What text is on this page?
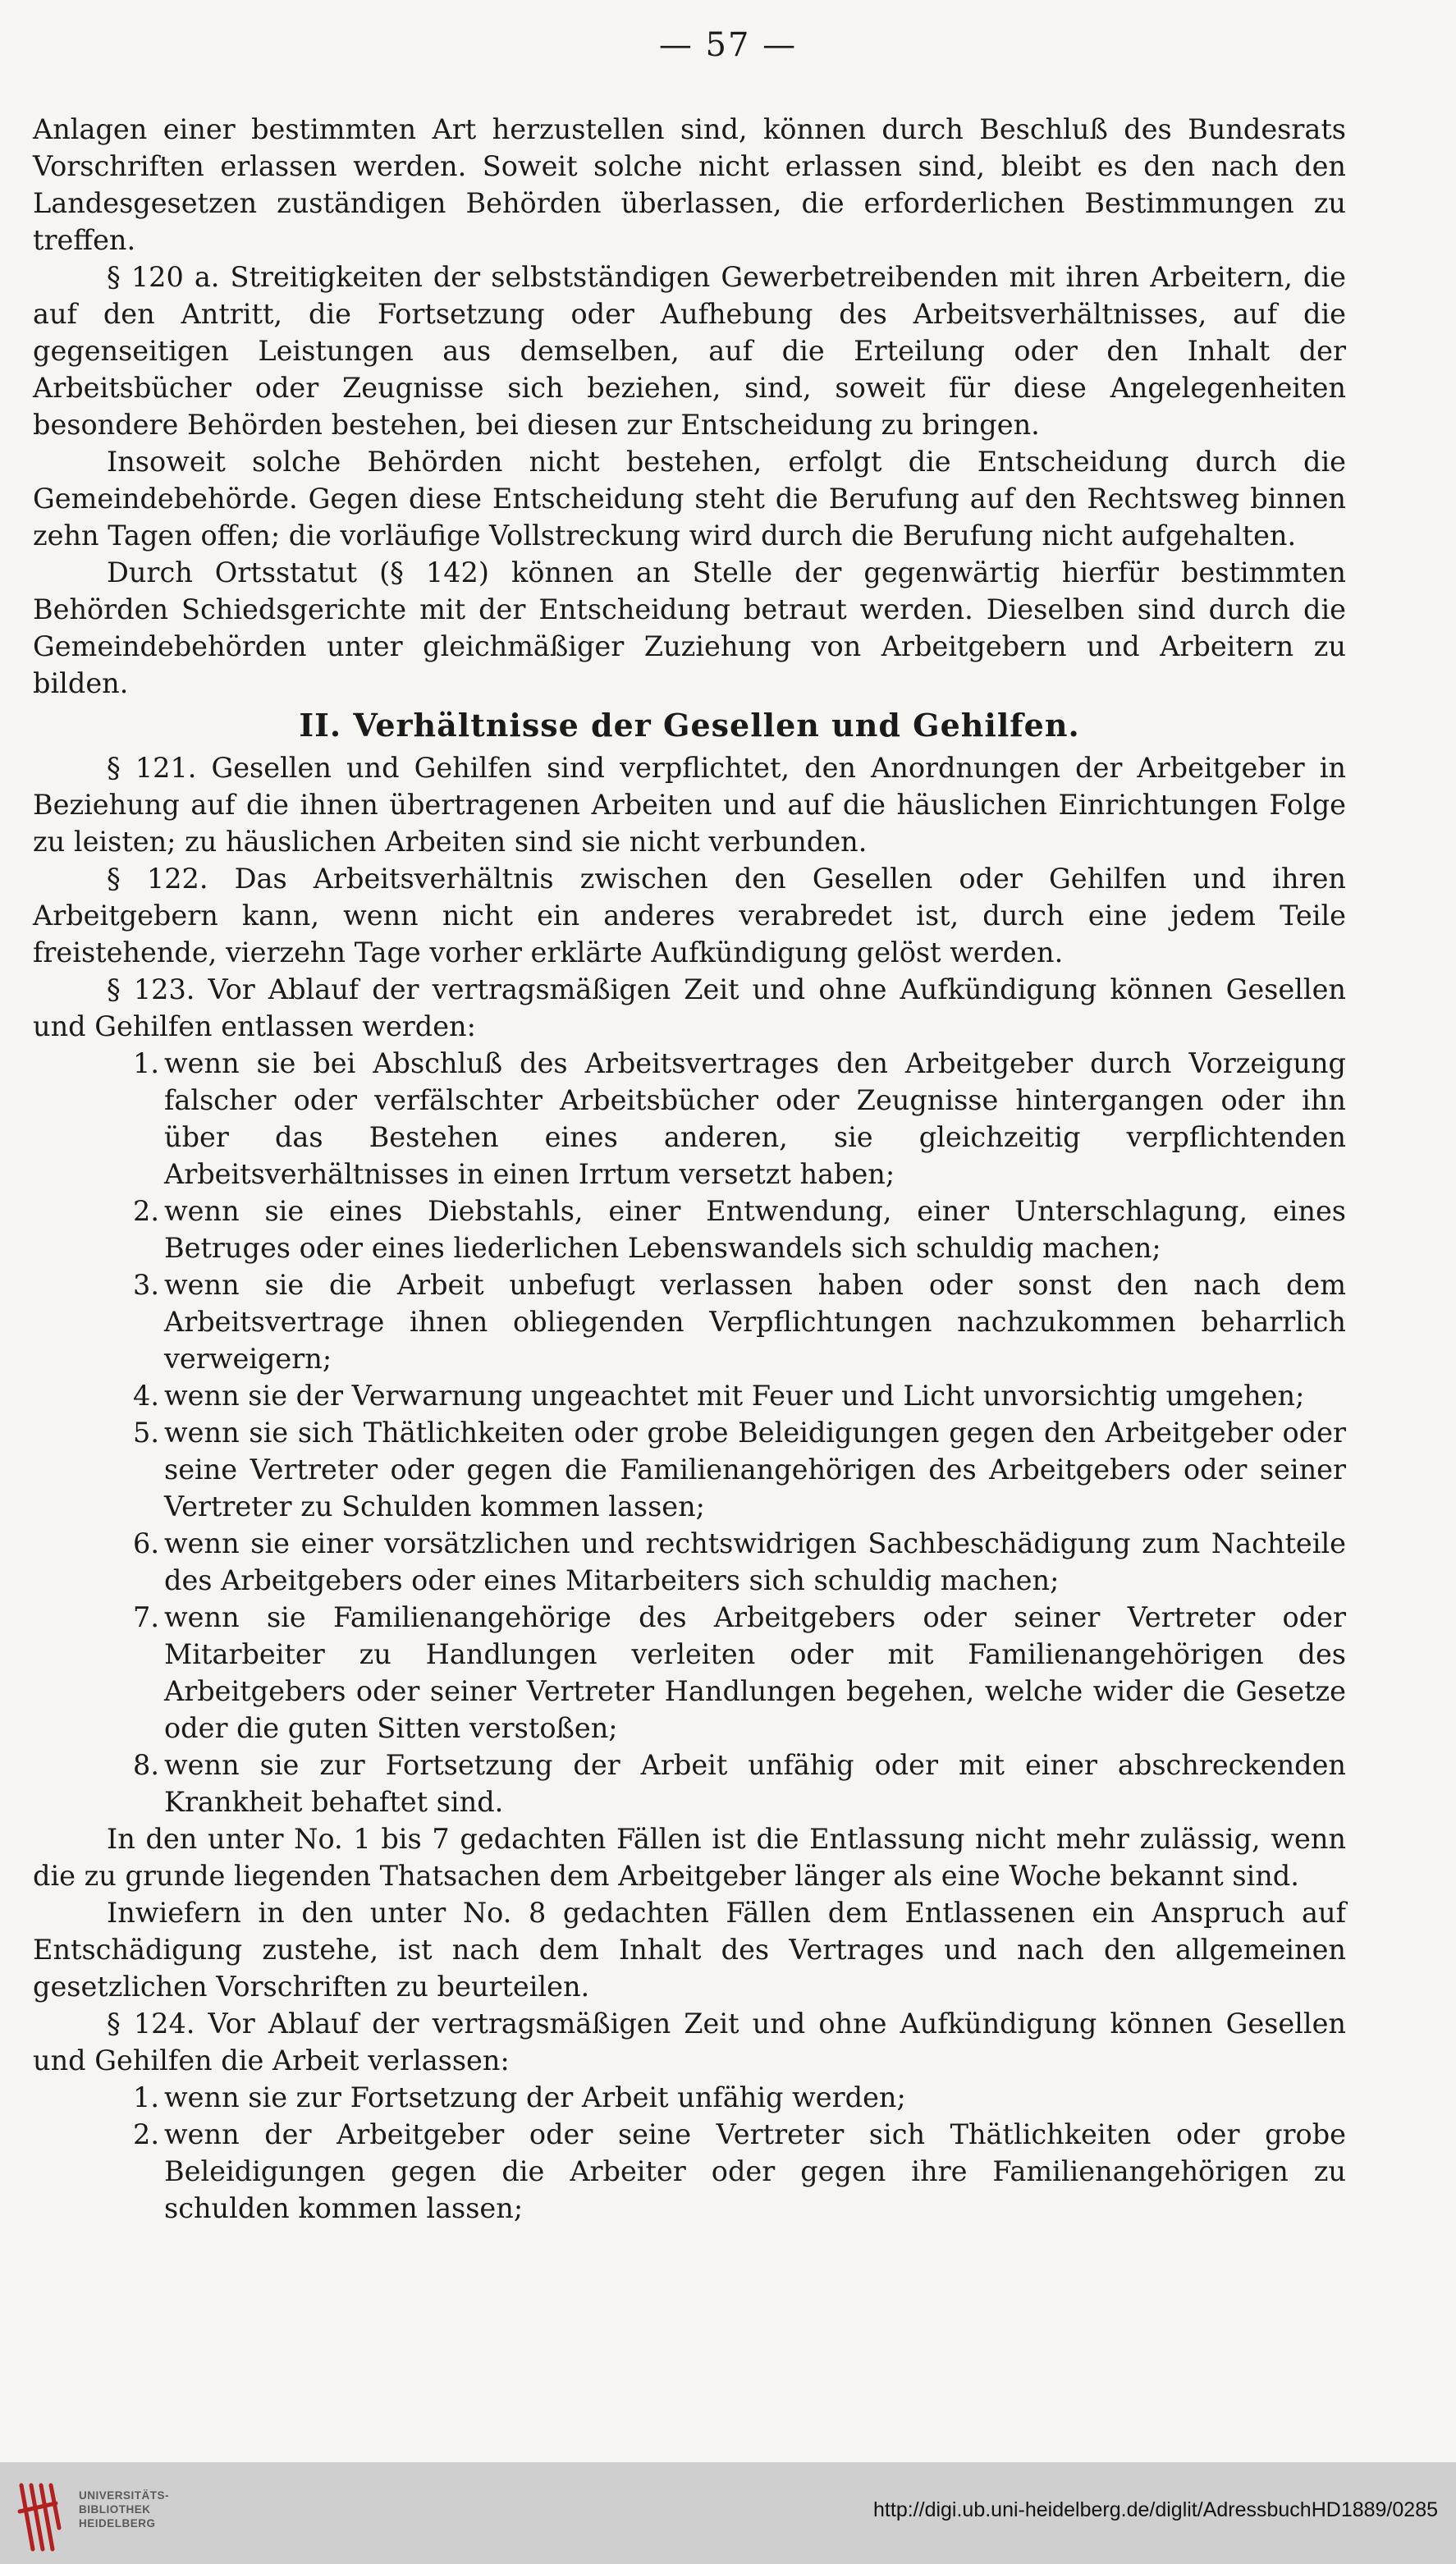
— 57 —

Anlagen einer bestimmten Art herzustellen sind, können durch Beschluß des Bundesrats Vorschriften erlassen werden. Soweit solche nicht erlassen sind, bleibt es den nach den Landesgesetzen zuständigen Behörden überlassen, die erforderlichen Bestimmungen zu treffen.

§ 120 a. Streitigkeiten der selbstständigen Gewerbetreibenden mit ihren Arbeitern, die auf den Antritt, die Fortsetzung oder Aufhebung des Arbeitsverhältnisses, auf die gegenseitigen Leistungen aus demselben, auf die Erteilung oder den Inhalt der Arbeitsbücher oder Zeugnisse sich beziehen, sind, soweit für diese Angelegenheiten besondere Behörden bestehen, bei diesen zur Entscheidung zu bringen.

Insoweit solche Behörden nicht bestehen, erfolgt die Entscheidung durch die Gemeindebehörde. Gegen diese Entscheidung steht die Berufung auf den Rechtsweg binnen zehn Tagen offen; die vorläufige Vollstreckung wird durch die Berufung nicht aufgehalten.

Durch Ortsstatut (§ 142) können an Stelle der gegenwärtig hierfür bestimmten Behörden Schiedsgerichte mit der Entscheidung betraut werden. Dieselben sind durch die Gemeindebehörden unter gleichmäßiger Zuziehung von Arbeitgebern und Arbeitern zu bilden.

II. Verhältnisse der Gesellen und Gehilfen.

§ 121. Gesellen und Gehilfen sind verpflichtet, den Anordnungen der Arbeitgeber in Beziehung auf die ihnen übertragenen Arbeiten und auf die häuslichen Einrichtungen Folge zu leisten; zu häuslichen Arbeiten sind sie nicht verbunden.

§ 122. Das Arbeitsverhältnis zwischen den Gesellen oder Gehilfen und ihren Arbeitgebern kann, wenn nicht ein anderes verabredet ist, durch eine jedem Teile freistehende, vierzehn Tage vorher erklärte Aufkündigung gelöst werden.

§ 123. Vor Ablauf der vertragsmäßigen Zeit und ohne Aufkündigung können Gesellen und Gehilfen entlassen werden:

1. wenn sie bei Abschluß des Arbeitsvertrages den Arbeitgeber durch Vorzeigung falscher oder verfälschter Arbeitsbücher oder Zeugnisse hintergangen oder ihn über das Bestehen eines anderen, sie gleichzeitig verpflichtenden Arbeitsverhältnisses in einen Irrtum versetzt haben;
2. wenn sie eines Diebstahls, einer Entwendung, einer Unterschlagung, eines Betruges oder eines liederlichen Lebenswandels sich schuldig machen;
3. wenn sie die Arbeit unbefugt verlassen haben oder sonst den nach dem Arbeitsvertrage ihnen obliegenden Verpflichtungen nachzukommen beharrlich verweigern;
4. wenn sie der Verwarnung ungeachtet mit Feuer und Licht unvorsichtig umgehen;
5. wenn sie sich Thätlichkeiten oder grobe Beleidigungen gegen den Arbeitgeber oder seine Vertreter oder gegen die Familienangehörigen des Arbeitgebers oder seiner Vertreter zu Schulden kommen lassen;
6. wenn sie einer vorsätzlichen und rechtswidrigen Sachbeschädigung zum Nachteile des Arbeitgebers oder eines Mitarbeiters sich schuldig machen;
7. wenn sie Familienangehörige des Arbeitgebers oder seiner Vertreter oder Mitarbeiter zu Handlungen verleiten oder mit Familienangehörigen des Arbeitgebers oder seiner Vertreter Handlungen begehen, welche wider die Gesetze oder die guten Sitten verstoßen;
8. wenn sie zur Fortsetzung der Arbeit unfähig oder mit einer abschreckenden Krankheit behaftet sind.

In den unter No. 1 bis 7 gedachten Fällen ist die Entlassung nicht mehr zulässig, wenn die zu grunde liegenden Thatsachen dem Arbeitgeber länger als eine Woche bekannt sind.

Inwiefern in den unter No. 8 gedachten Fällen dem Entlassenen ein Anspruch auf Entschädigung zustehe, ist nach dem Inhalt des Vertrages und nach den allgemeinen gesetzlichen Vorschriften zu beurteilen.

§ 124. Vor Ablauf der vertragsmäßigen Zeit und ohne Aufkündigung können Gesellen und Gehilfen die Arbeit verlassen:

1. wenn sie zur Fortsetzung der Arbeit unfähig werden;
2. wenn der Arbeitgeber oder seine Vertreter sich Thätlichkeiten oder grobe Beleidigungen gegen die Arbeiter oder gegen ihre Familienangehörigen zu schulden kommen lassen;
UNIVERSITÄTS-
BIBLIOTHEK
HEIDELBERG
http://digi.ub.uni-heidelberg.de/diglit/AdressbuchHD1889/0285
